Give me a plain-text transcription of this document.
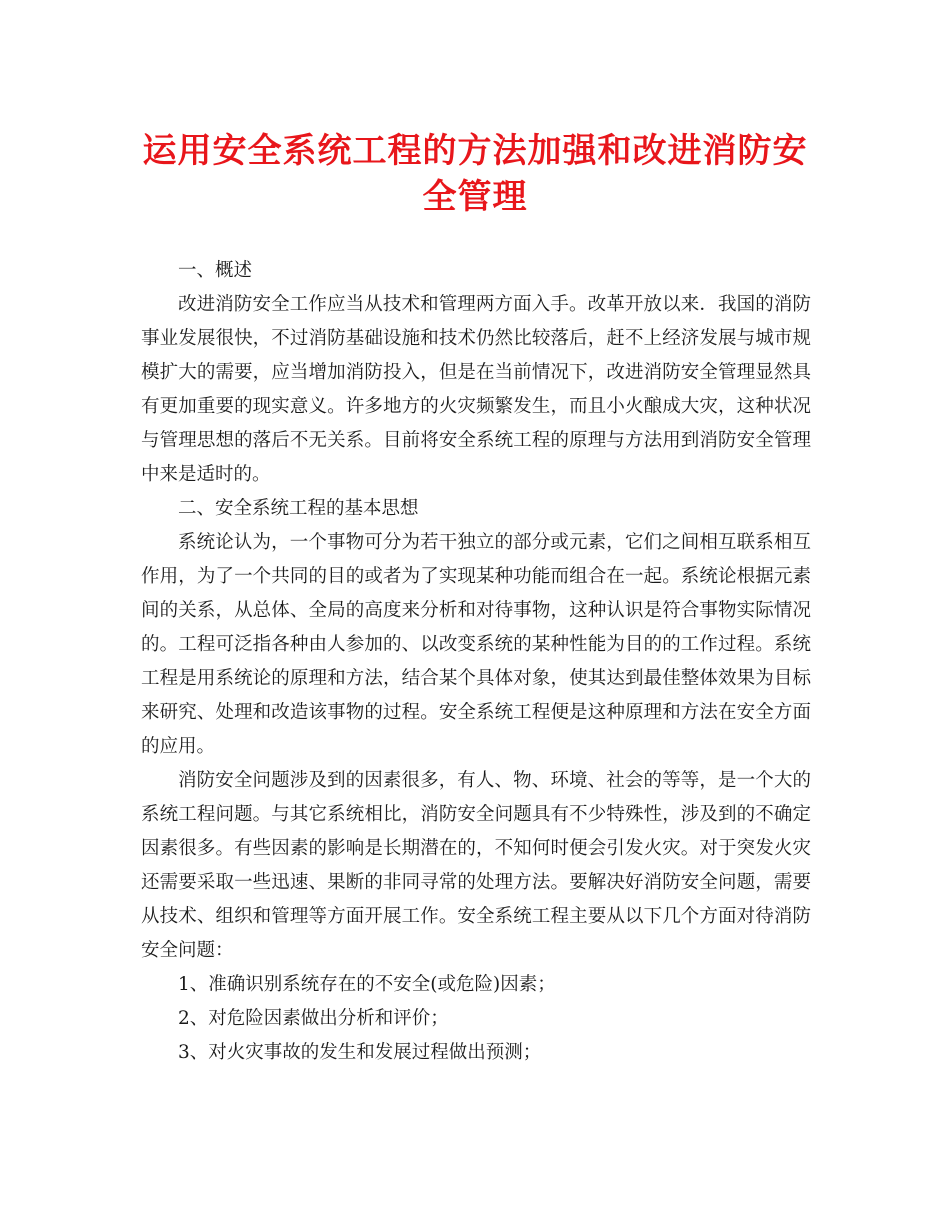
运用安全系统工程的方法加强和改进消防安全管理

一、概述

改进消防安全工作应当从技术和管理两方面入手。改革开放以来．我国的消防事业发展很快，不过消防基础设施和技术仍然比较落后，赶不上经济发展与城市规模扩大的需要，应当增加消防投入，但是在当前情况下，改进消防安全管理显然具有更加重要的现实意义。许多地方的火灾频繁发生，而且小火酿成大灾，这种状况与管理思想的落后不无关系。目前将安全系统工程的原理与方法用到消防安全管理中来是适时的。

二、安全系统工程的基本思想

系统论认为，一个事物可分为若干独立的部分或元素，它们之间相互联系相互作用，为了一个共同的目的或者为了实现某种功能而组合在一起。系统论根据元素间的关系，从总体、全局的高度来分析和对待事物，这种认识是符合事物实际情况的。工程可泛指各种由人参加的、以改变系统的某种性能为目的的工作过程。系统工程是用系统论的原理和方法，结合某个具体对象，使其达到最佳整体效果为目标来研究、处理和改造该事物的过程。安全系统工程便是这种原理和方法在安全方面的应用。

消防安全问题涉及到的因素很多，有人、物、环境、社会的等等，是一个大的系统工程问题。与其它系统相比，消防安全问题具有不少特殊性，涉及到的不确定因素很多。有些因素的影响是长期潜在的，不知何时便会引发火灾。对于突发火灾还需要采取一些迅速、果断的非同寻常的处理方法。要解决好消防安全问题，需要从技术、组织和管理等方面开展工作。安全系统工程主要从以下几个方面对待消防安全问题：

1、准确识别系统存在的不安全(或危险)因素；

2、对危险因素做出分析和评价；

3、对火灾事故的发生和发展过程做出预测；
